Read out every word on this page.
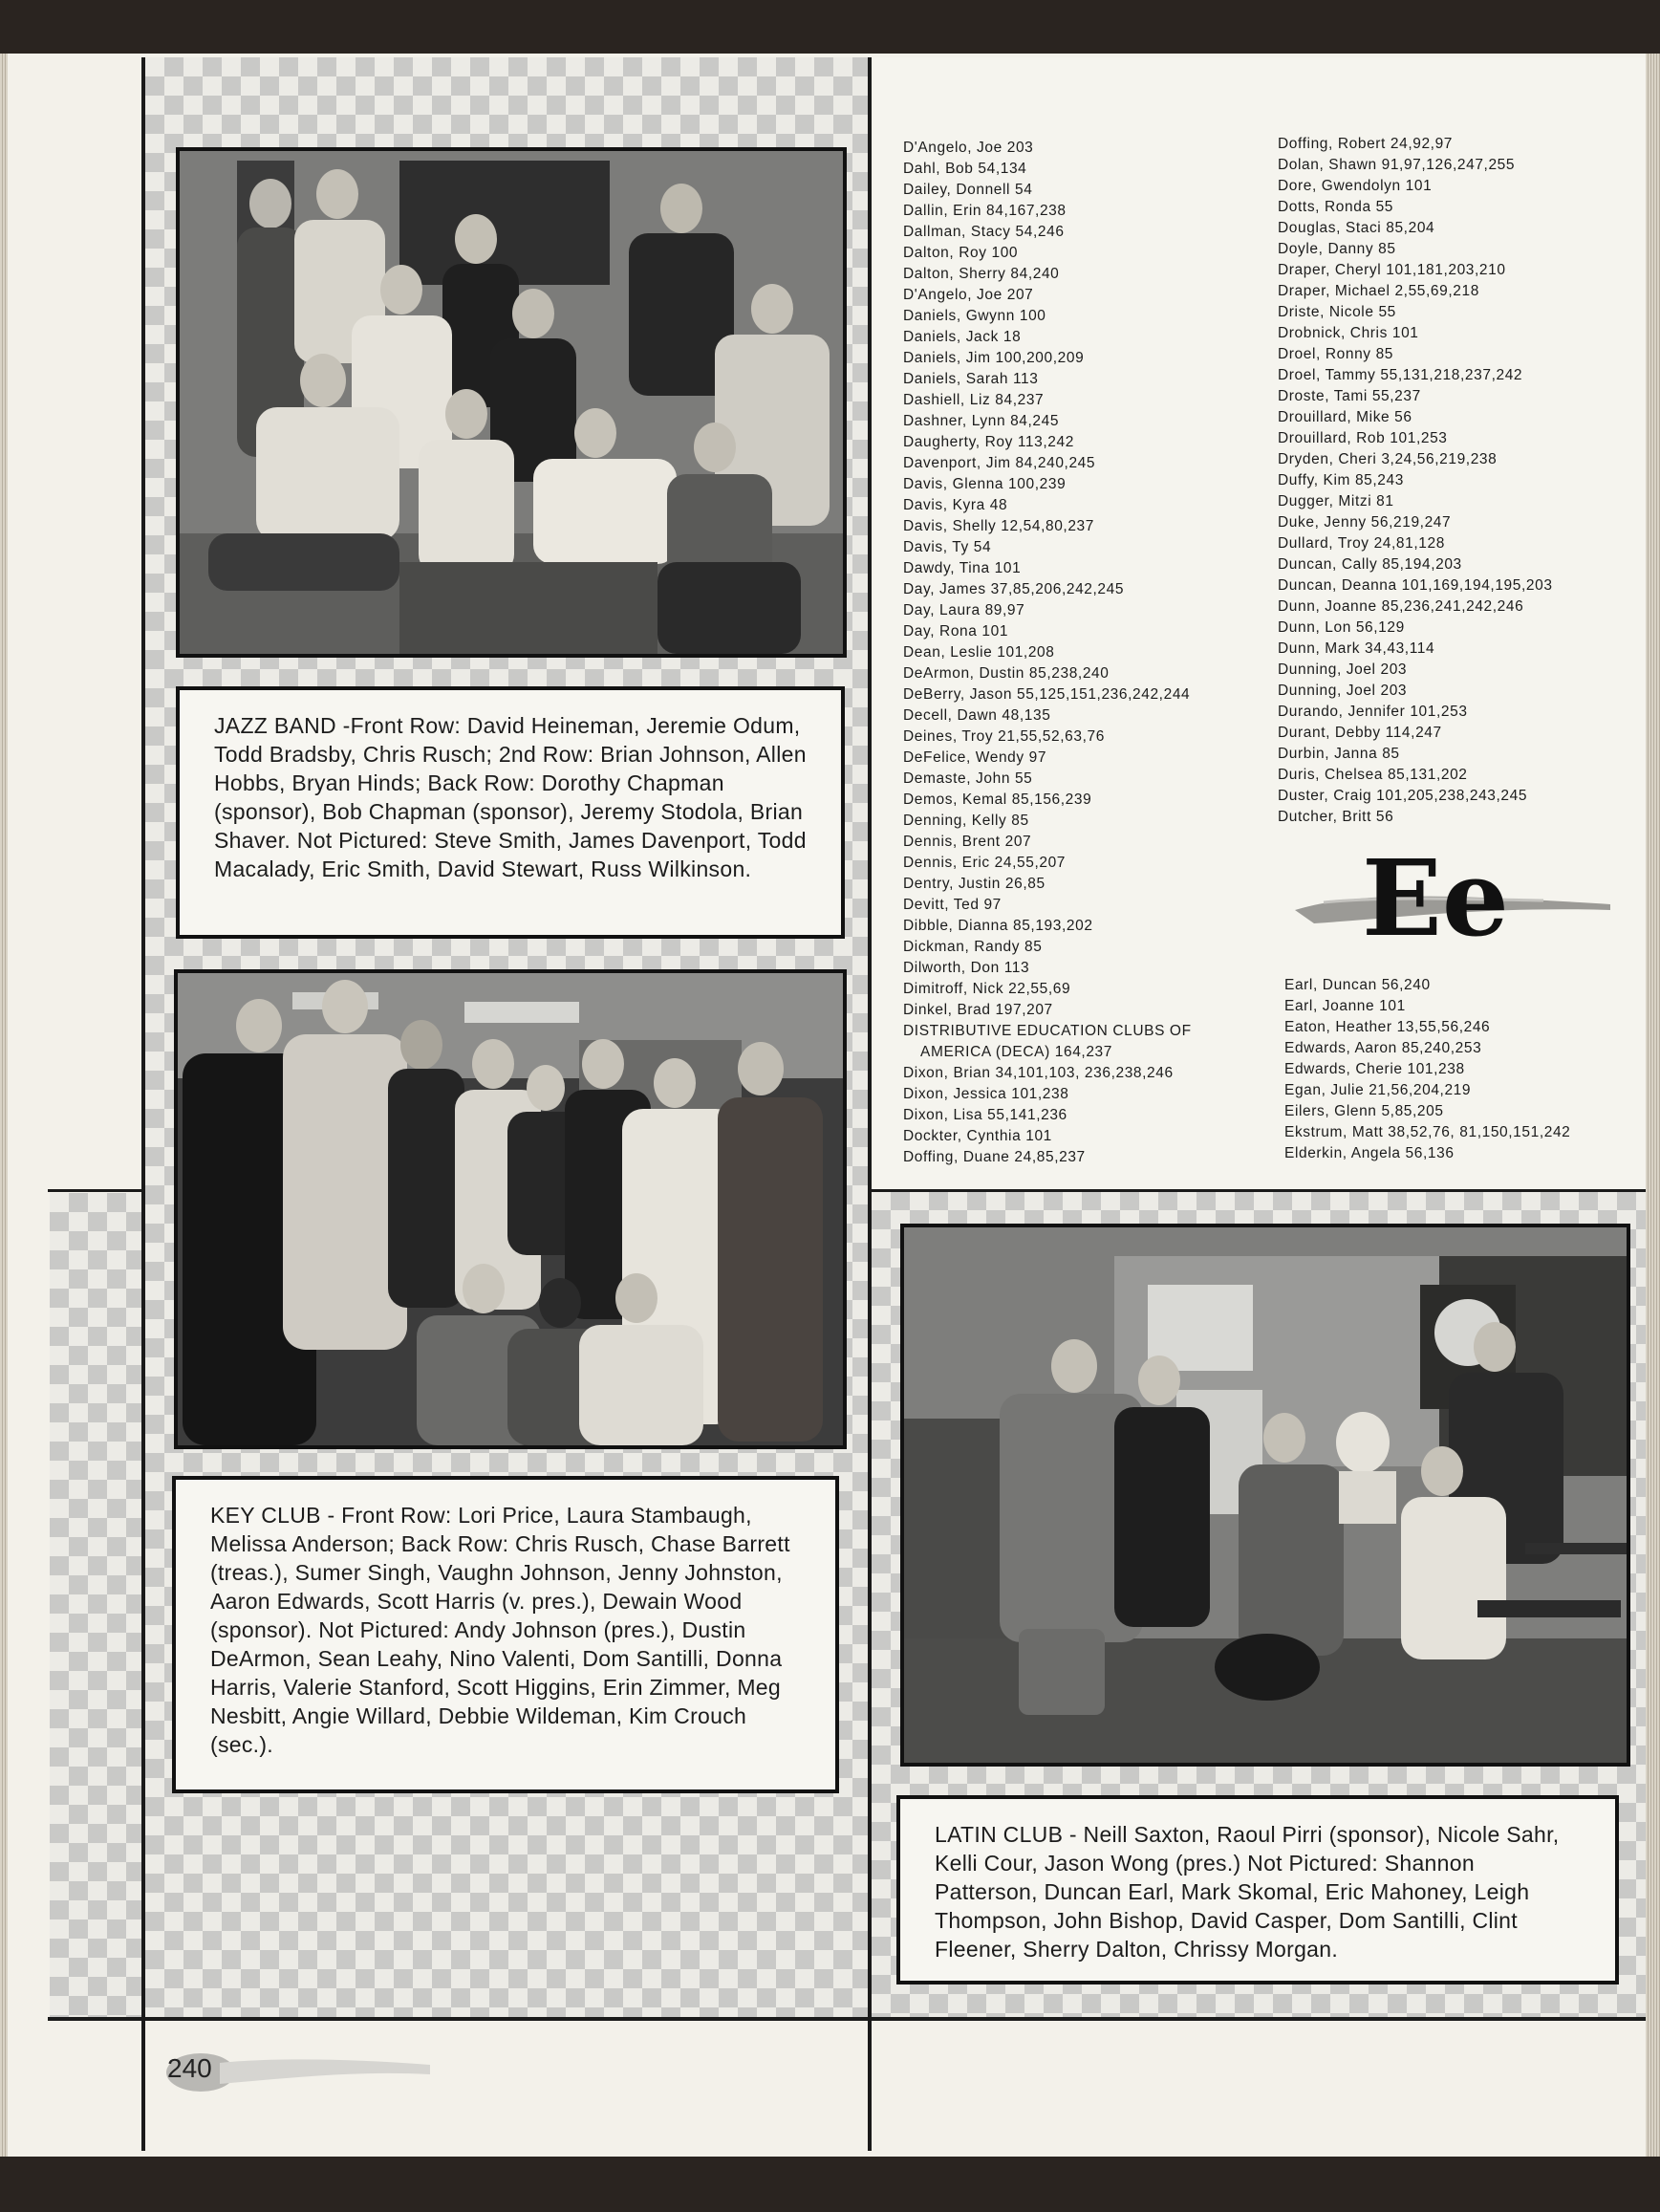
JAZZ BAND -Front Row: David Heineman, Jeremie Odum, Todd Bradsby, Chris Rusch; 2nd Row: Brian Johnson, Allen Hobbs, Bryan Hinds; Back Row: Dorothy Chapman (sponsor), Bob Chapman (sponsor), Jeremy Stodola, Brian Shaver. Not Pictured: Steve Smith, James Davenport, Todd Macalady, Eric Smith, David Stewart, Russ Wilkinson.
KEY CLUB - Front Row: Lori Price, Laura Stambaugh, Melissa Anderson; Back Row: Chris Rusch, Chase Barrett (treas.), Sumer Singh, Vaughn Johnson, Jenny Johnston, Aaron Edwards, Scott Harris (v. pres.), Dewain Wood (sponsor). Not Pictured: Andy Johnson (pres.), Dustin DeArmon, Sean Leahy, Nino Valenti, Dom Santilli, Donna Harris, Valerie Stanford, Scott Higgins, Erin Zimmer, Meg Nesbitt, Angie Willard, Debbie Wildeman, Kim Crouch (sec.).
D'Angelo, Joe 203
Dahl, Bob 54,134
Dailey, Donnell 54
Dallin, Erin 84,167,238
Dallman, Stacy 54,246
Dalton, Roy 100
Dalton, Sherry 84,240
D'Angelo, Joe 207
Daniels, Gwynn 100
Daniels, Jack 18
Daniels, Jim 100,200,209
Daniels, Sarah 113
Dashiell, Liz 84,237
Dashner, Lynn 84,245
Daugherty, Roy 113,242
Davenport, Jim 84,240,245
Davis, Glenna 100,239
Davis, Kyra 48
Davis, Shelly 12,54,80,237
Davis, Ty 54
Dawdy, Tina 101
Day, James 37,85,206,242,245
Day, Laura 89,97
Day, Rona 101
Dean, Leslie 101,208
DeArmon, Dustin 85,238,240
DeBerry, Jason 55,125,151,236,242,244
Decell, Dawn 48,135
Deines, Troy 21,55,52,63,76
DeFelice, Wendy 97
Demaste, John 55
Demos, Kemal 85,156,239
Denning, Kelly 85
Dennis, Brent 207
Dennis, Eric 24,55,207
Dentry, Justin 26,85
Devitt, Ted 97
Dibble, Dianna 85,193,202
Dickman, Randy 85
Dilworth, Don 113
Dimitroff, Nick 22,55,69
Dinkel, Brad 197,207
DISTRIBUTIVE EDUCATION CLUBS OF
AMERICA (DECA) 164,237
Dixon, Brian 34,101,103, 236,238,246
Dixon, Jessica 101,238
Dixon, Lisa 55,141,236
Dockter, Cynthia 101
Doffing, Duane 24,85,237
Doffing, Robert 24,92,97
Dolan, Shawn 91,97,126,247,255
Dore, Gwendolyn 101
Dotts, Ronda 55
Douglas, Staci 85,204
Doyle, Danny 85
Draper, Cheryl 101,181,203,210
Draper, Michael 2,55,69,218
Driste, Nicole 55
Drobnick, Chris 101
Droel, Ronny 85
Droel, Tammy 55,131,218,237,242
Droste, Tami 55,237
Drouillard, Mike 56
Drouillard, Rob 101,253
Dryden, Cheri 3,24,56,219,238
Duffy, Kim 85,243
Dugger, Mitzi 81
Duke, Jenny 56,219,247
Dullard, Troy 24,81,128
Duncan, Cally 85,194,203
Duncan, Deanna 101,169,194,195,203
Dunn, Joanne 85,236,241,242,246
Dunn, Lon 56,129
Dunn, Mark 34,43,114
Dunning, Joel 203
Dunning, Joel 203
Durando, Jennifer 101,253
Durant, Debby 114,247
Durbin, Janna 85
Duris, Chelsea 85,131,202
Duster, Craig 101,205,238,243,245
Dutcher, Britt 56
Ee
Earl, Duncan 56,240
Earl, Joanne 101
Eaton, Heather 13,55,56,246
Edwards, Aaron 85,240,253
Edwards, Cherie 101,238
Egan, Julie 21,56,204,219
Eilers, Glenn 5,85,205
Ekstrum, Matt 38,52,76, 81,150,151,242
Elderkin, Angela 56,136
LATIN CLUB - Neill Saxton, Raoul Pirri (sponsor), Nicole Sahr, Kelli Cour, Jason Wong (pres.) Not Pictured: Shannon Patterson, Duncan Earl, Mark Skomal, Eric Mahoney, Leigh Thompson, John Bishop, David Casper, Dom Santilli, Clint Fleener, Sherry Dalton, Chrissy Morgan.
240
